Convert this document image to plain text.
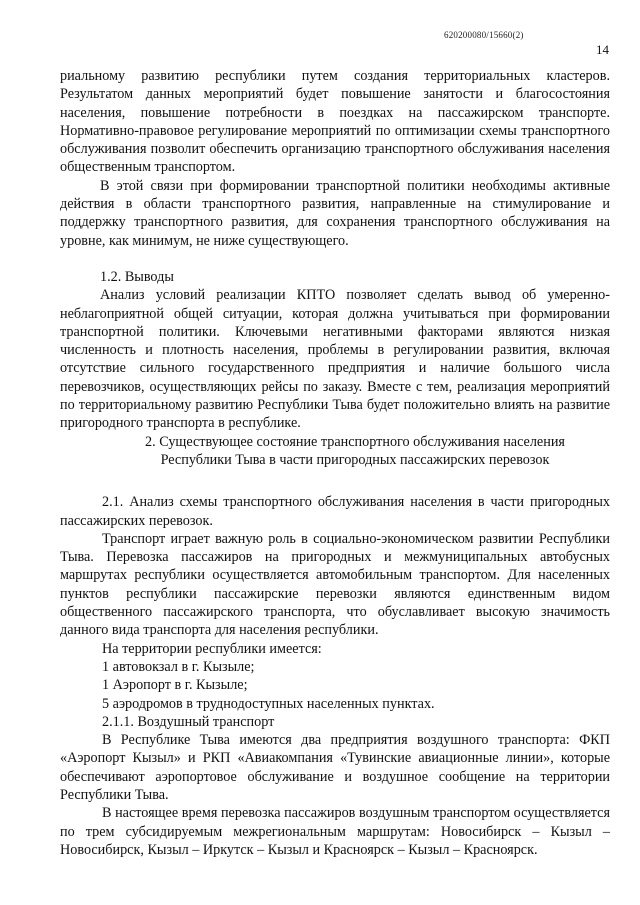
620200080/15660(2)
14

риальному развитию республики путем создания территориальных кластеров. Результатом данных мероприятий будет повышение занятости и благосостояния населения, повышение потребности в поездках на пассажирском транспорте. Нормативно-правовое регулирование мероприятий по оптимизации схемы транспортного обслуживания позволит обеспечить организацию транспортного обслуживания населения общественным транспортом.

В этой связи при формировании транспортной политики необходимы активные действия в области транспортного развития, направленные на стимулирование и поддержку транспортного развития, для сохранения транспортного обслуживания на уровне, как минимум, не ниже существующего.

1.2. Выводы

Анализ условий реализации КПТО позволяет сделать вывод об умеренно-неблагоприятной общей ситуации, которая должна учитываться при формировании транспортной политики. Ключевыми негативными факторами являются низкая численность и плотность населения, проблемы в регулировании развития, включая отсутствие сильного государственного предприятия и наличие большого числа перевозчиков, осуществляющих рейсы по заказу. Вместе с тем, реализация мероприятий по территориальному развитию Республики Тыва будет положительно влиять на развитие пригородного транспорта в республике.

2. Существующее состояние транспортного обслуживания населения

Республики Тыва в части пригородных пассажирских перевозок

2.1. Анализ схемы транспортного обслуживания населения в части пригородных пассажирских перевозок.

Транспорт играет важную роль в социально-экономическом развитии Республики Тыва. Перевозка пассажиров на пригородных и межмуниципальных автобусных маршрутах республики осуществляется автомобильным транспортом. Для населенных пунктов республики пассажирские перевозки являются единственным видом общественного пассажирского транспорта, что обуславливает высокую значимость данного вида транспорта для населения республики.

На территории республики имеется:

1 автовокзал в г. Кызыле;

1 Аэропорт в г. Кызыле;

5 аэродромов в труднодоступных населенных пунктах.

2.1.1. Воздушный транспорт

В Республике Тыва имеются два предприятия воздушного транспорта: ФКП «Аэропорт Кызыл» и РКП «Авиакомпания «Тувинские авиационные линии», которые обеспечивают аэропортовое обслуживание и воздушное сообщение на территории Республики Тыва.

В настоящее время перевозка пассажиров воздушным транспортом осуществляется по трем субсидируемым межрегиональным маршрутам: Новосибирск – Кызыл – Новосибирск, Кызыл – Иркутск – Кызыл и Красноярск – Кызыл – Красноярск.
